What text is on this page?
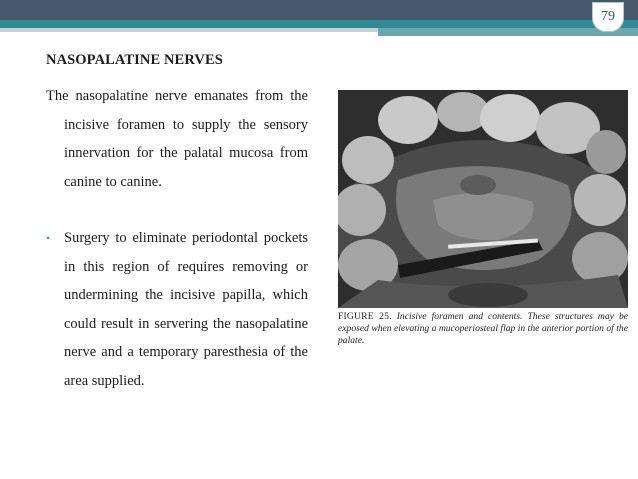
79
NASOPALATINE NERVES

The nasopalatine nerve emanates from the incisive foramen to supply the sensory innervation for the palatal mucosa from canine to canine.

• Surgery to eliminate periodontal pockets in this region of requires removing or undermining the incisive papilla, which could result in servering the nasopalatine nerve and a temporary paresthesia of the area supplied.

FIGURE 25. Incisive foramen and contents. These structures may be exposed when elevating a mucoperiosteal flap in the anterior portion of the palate.
